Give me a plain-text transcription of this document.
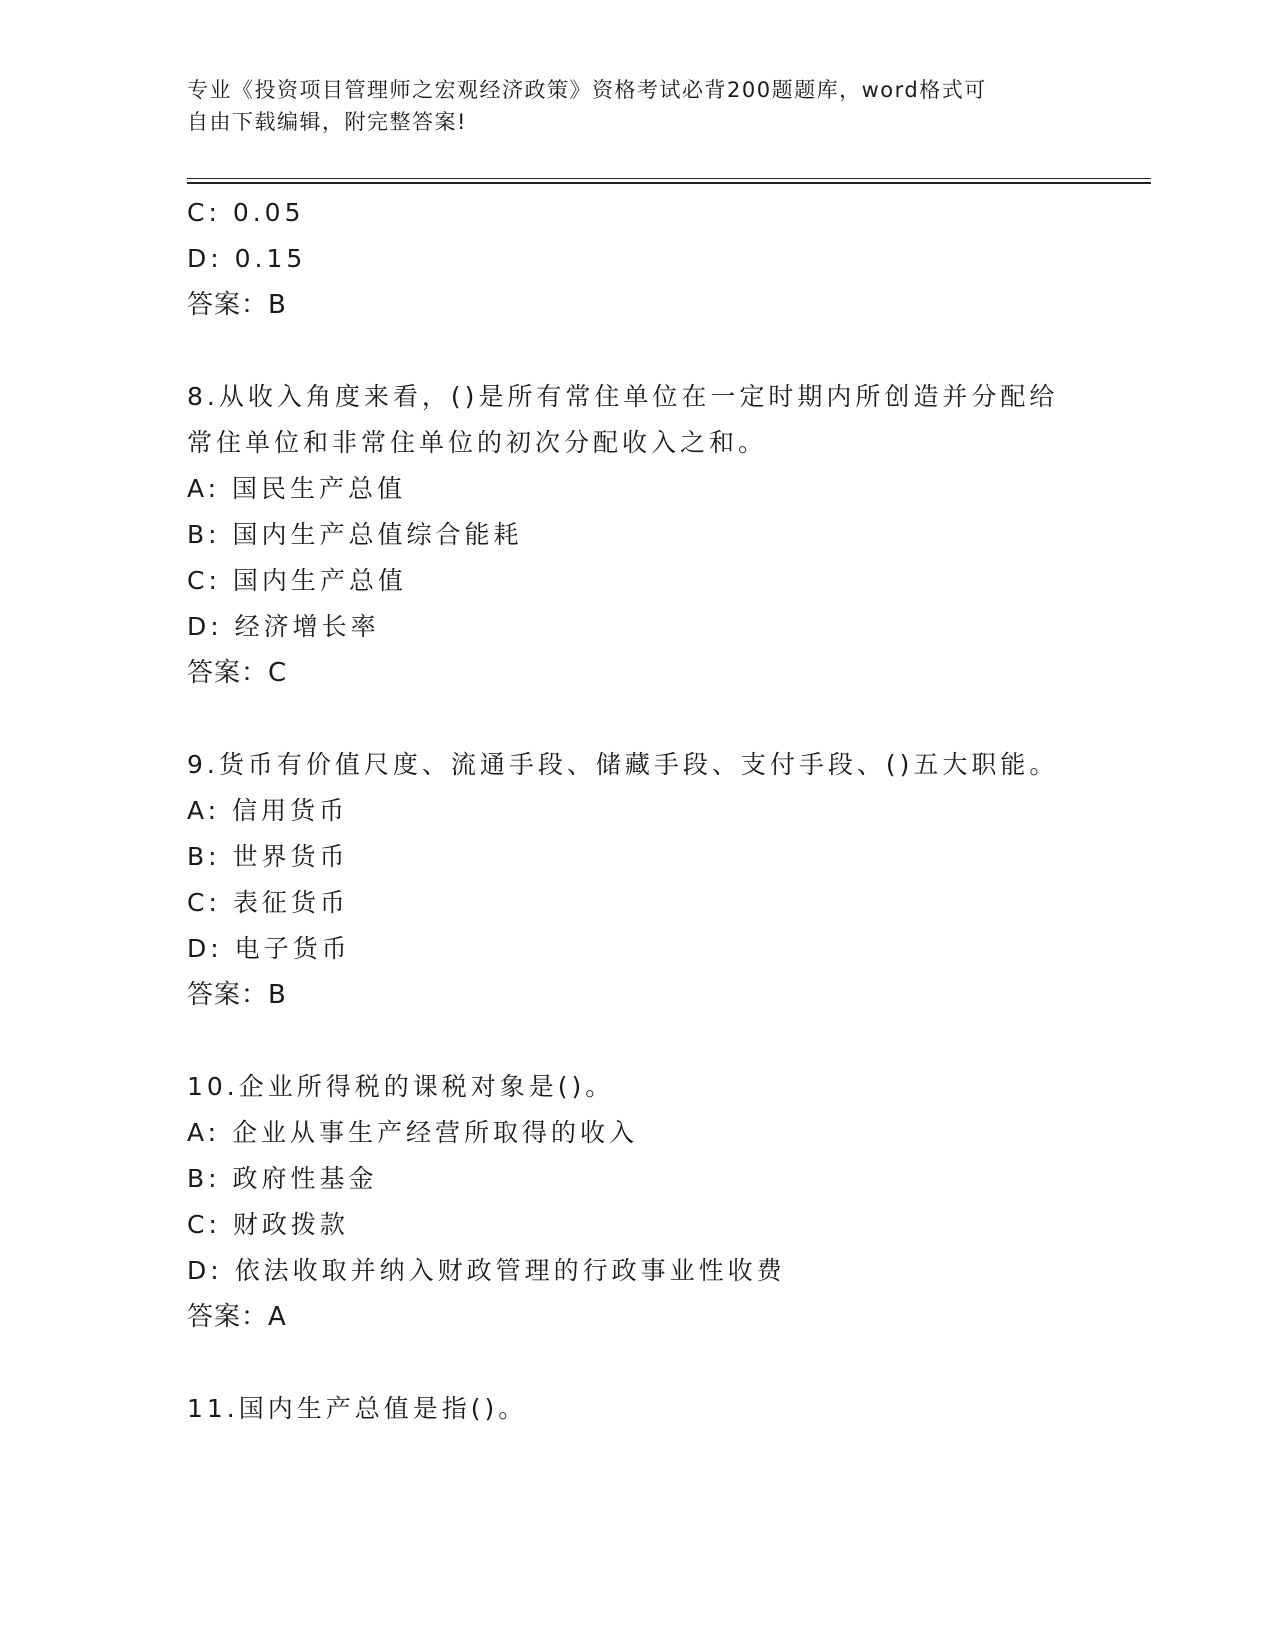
专业《投资项目管理师之宏观经济政策》资格考试必背200题题库，word格式可
自由下载编辑，附完整答案!
C: 0.05
D: 0.15
答案：B
8.从收入角度来看，()是所有常住单位在一定时期内所创造并分配给
常住单位和非常住单位的初次分配收入之和。
A: 国民生产总值
B: 国内生产总值综合能耗
C: 国内生产总值
D: 经济增长率
答案：C
9.货币有价值尺度、流通手段、储藏手段、支付手段、()五大职能。
A: 信用货币
B: 世界货币
C: 表征货币
D: 电子货币
答案：B
10.企业所得税的课税对象是()。
A: 企业从事生产经营所取得的收入
B: 政府性基金
C: 财政拨款
D: 依法收取并纳入财政管理的行政事业性收费
答案：A
11.国内生产总值是指()。
